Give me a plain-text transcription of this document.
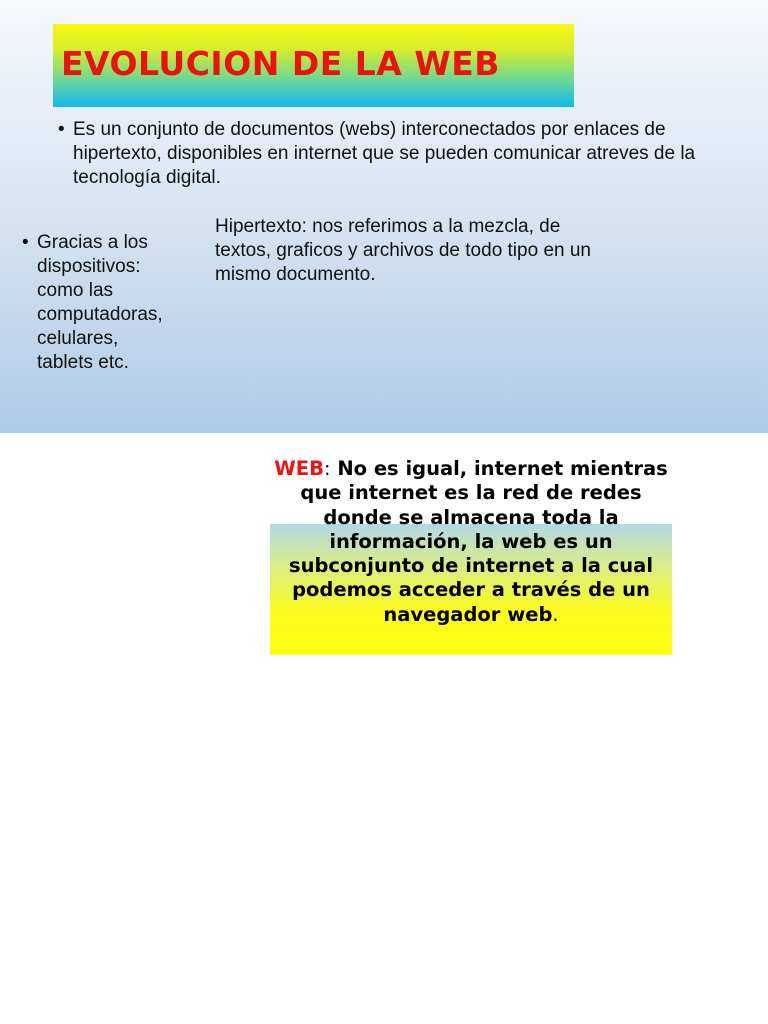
EVOLUCION DE LA WEB
• Es un conjunto de documentos (webs) interconectados por enlaces de hipertexto, disponibles en internet que se pueden comunicar atreves de la tecnología digital.
• Gracias a los dispositivos: como las computadoras, celulares, tablets etc.
Hipertexto: nos referimos a la mezcla, de textos, graficos y archivos de todo tipo en un mismo documento.
WEB: No es igual, internet mientras que internet es la red de redes donde se almacena toda la información, la web es un subconjunto de internet a la cual podemos acceder a través de un navegador web.
